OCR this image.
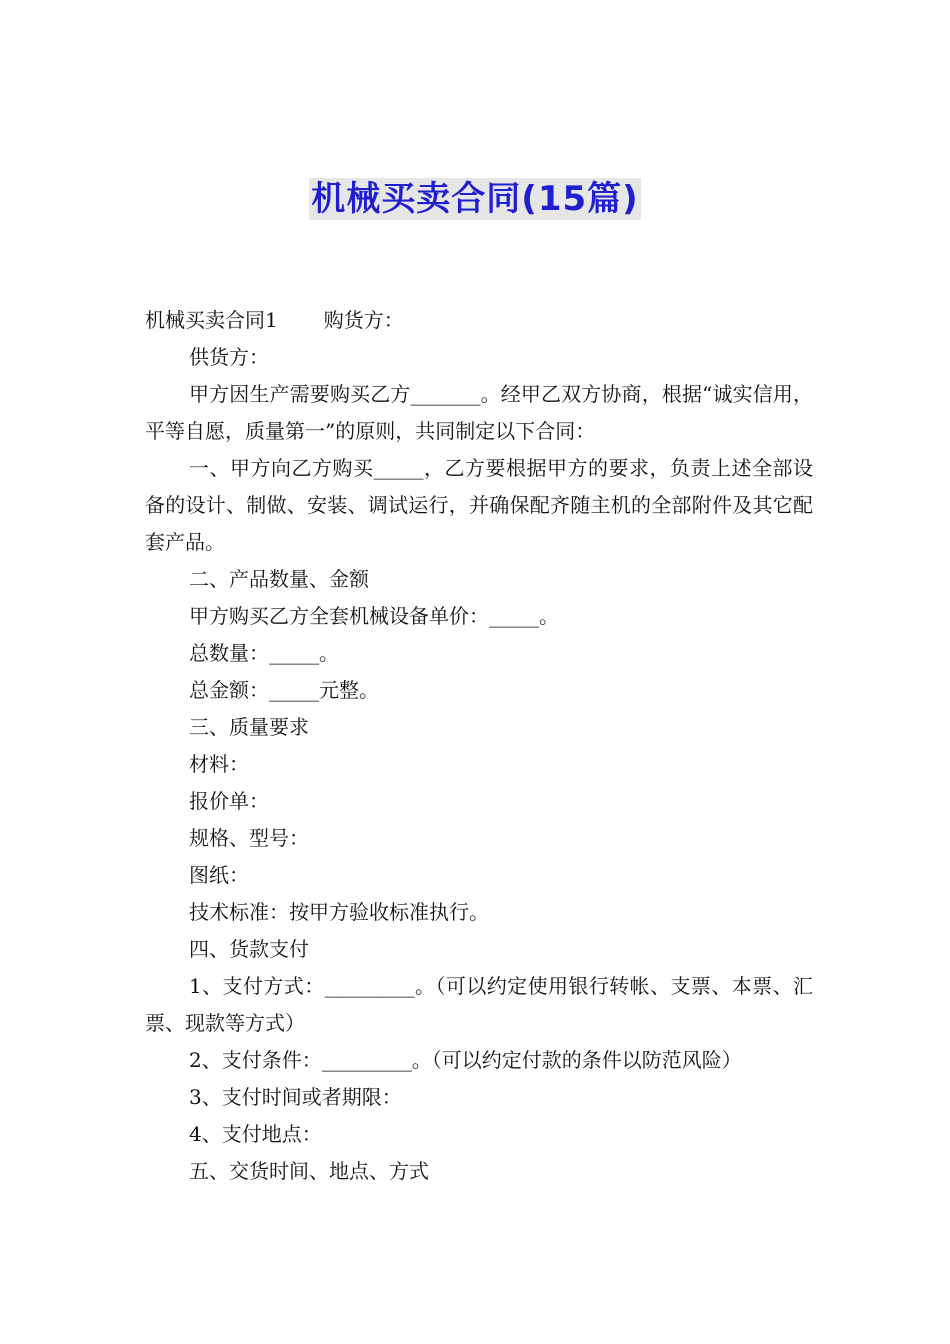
机械买卖合同(15篇)

机械买卖合同1 购货方：

供货方：

甲方因生产需要购买乙方_______。经甲乙双方协商，根据“诚实信用，平等自愿，质量第一”的原则，共同制定以下合同：

一、甲方向乙方购买_____，乙方要根据甲方的要求，负责上述全部设备的设计、制做、安装、调试运行，并确保配齐随主机的全部附件及其它配套产品。

二、产品数量、金额

甲方购买乙方全套机械设备单价：_____。

总数量：_____。

总金额：_____元整。

三、质量要求

材料：

报价单：

规格、型号：

图纸：

技术标准：按甲方验收标准执行。

四、货款支付

1、支付方式：_________。（可以约定使用银行转帐、支票、本票、汇票、现款等方式）

2、支付条件：_________。（可以约定付款的条件以防范风险）

3、支付时间或者期限：

4、支付地点：

五、交货时间、地点、方式
